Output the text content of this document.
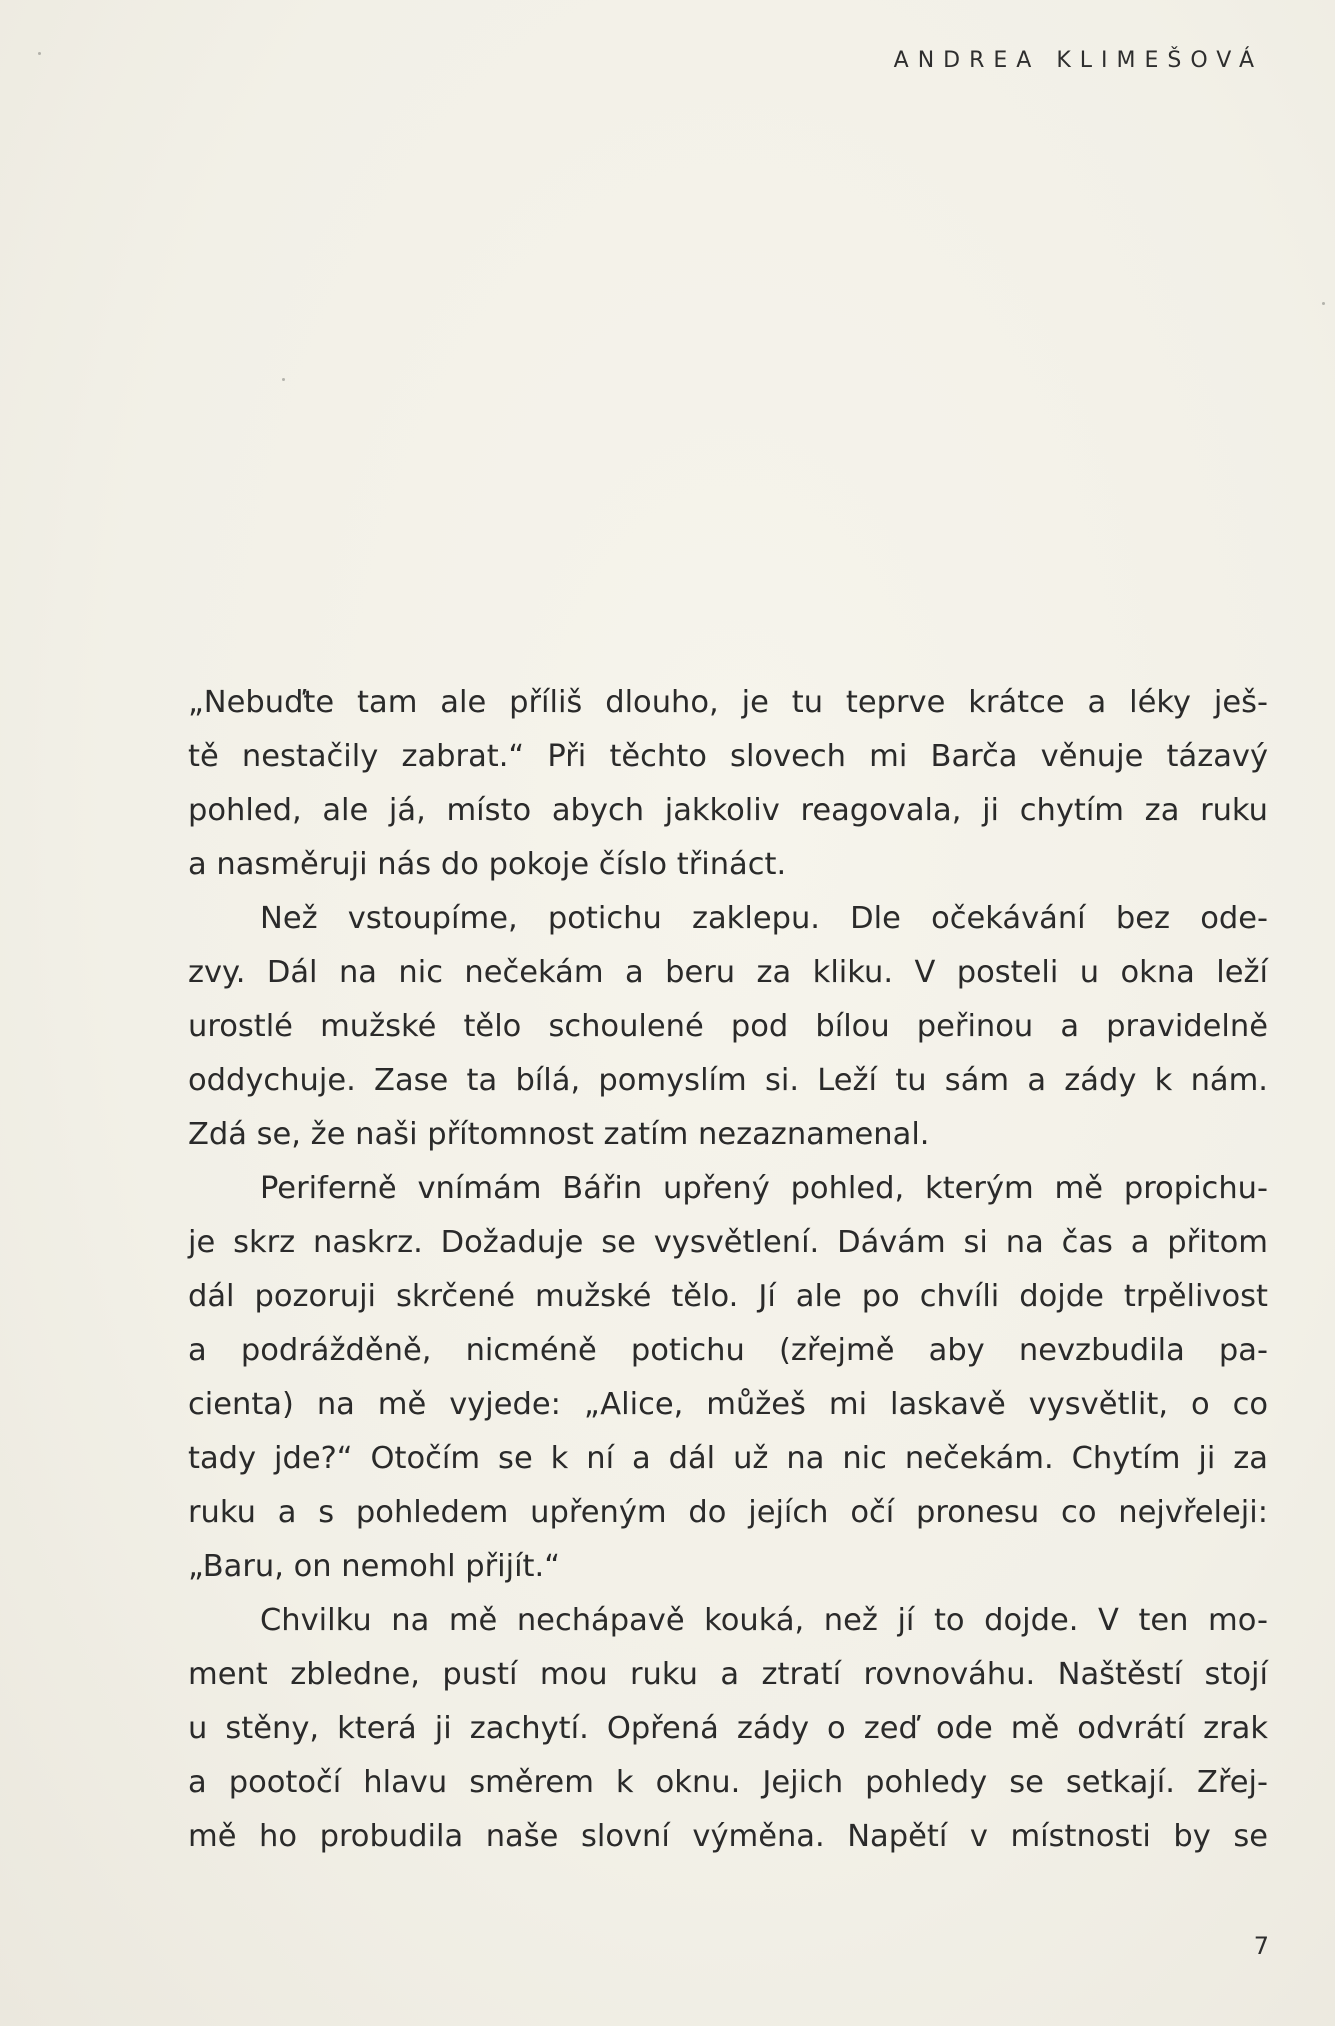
ANDREA KLIMEŠOVÁ
„Nebuďte tam ale příliš dlouho, je tu teprve krátce a léky ješ-
tě nestačily zabrat.“ Při těchto slovech mi Barča věnuje tázavý
pohled, ale já, místo abych jakkoliv reagovala, ji chytím za ruku
a nasměruji nás do pokoje číslo třináct.
Než vstoupíme, potichu zaklepu. Dle očekávání bez ode-
zvy. Dál na nic nečekám a beru za kliku. V posteli u okna leží
urostlé mužské tělo schoulené pod bílou peřinou a pravidelně
oddychuje. Zase ta bílá, pomyslím si. Leží tu sám a zády k nám.
Zdá se, že naši přítomnost zatím nezaznamenal.
Periferně vnímám Bářin upřený pohled, kterým mě propichu-
je skrz naskrz. Dožaduje se vysvětlení. Dávám si na čas a přitom
dál pozoruji skrčené mužské tělo. Jí ale po chvíli dojde trpělivost
a podrážděně, nicméně potichu (zřejmě aby nevzbudila pa-
cienta) na mě vyjede: „Alice, můžeš mi laskavě vysvětlit, o co
tady jde?“ Otočím se k ní a dál už na nic nečekám. Chytím ji za
ruku a s pohledem upřeným do jejích očí pronesu co nejvřeleji:
„Baru, on nemohl přijít.“
Chvilku na mě nechápavě kouká, než jí to dojde. V ten mo-
ment zbledne, pustí mou ruku a ztratí rovnováhu. Naštěstí stojí
u stěny, která ji zachytí. Opřená zády o zeď ode mě odvrátí zrak
a pootočí hlavu směrem k oknu. Jejich pohledy se setkají. Zřej-
mě ho probudila naše slovní výměna. Napětí v místnosti by se
7
